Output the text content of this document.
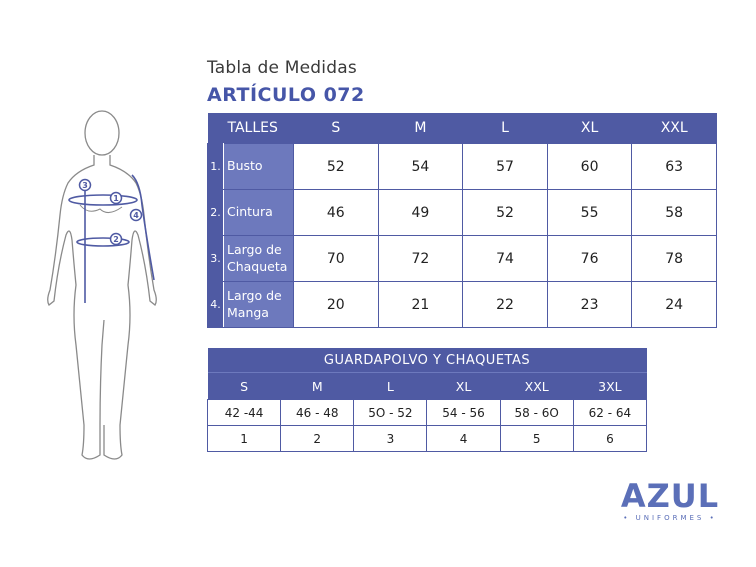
1
2
3
4
Tabla de Medidas
ARTÍCULO 072
TALLES		S	M	L	XL	XXL
1.	Busto	52	54	57	60	63
2.	Cintura	46	49	52	55	58
3.	Largo de
Chaqueta	70	72	74	76	78
4.	Largo de
Manga	20	21	22	23	24
GUARDAPOLVO Y CHAQUETAS					
S	M	L	XL	XXL	3XL
42 -44	46 - 48	5O - 52	54 - 56	58 - 6O	62 - 64
1	2	3	4	5	6
AZUL
• UNIFORMES •
